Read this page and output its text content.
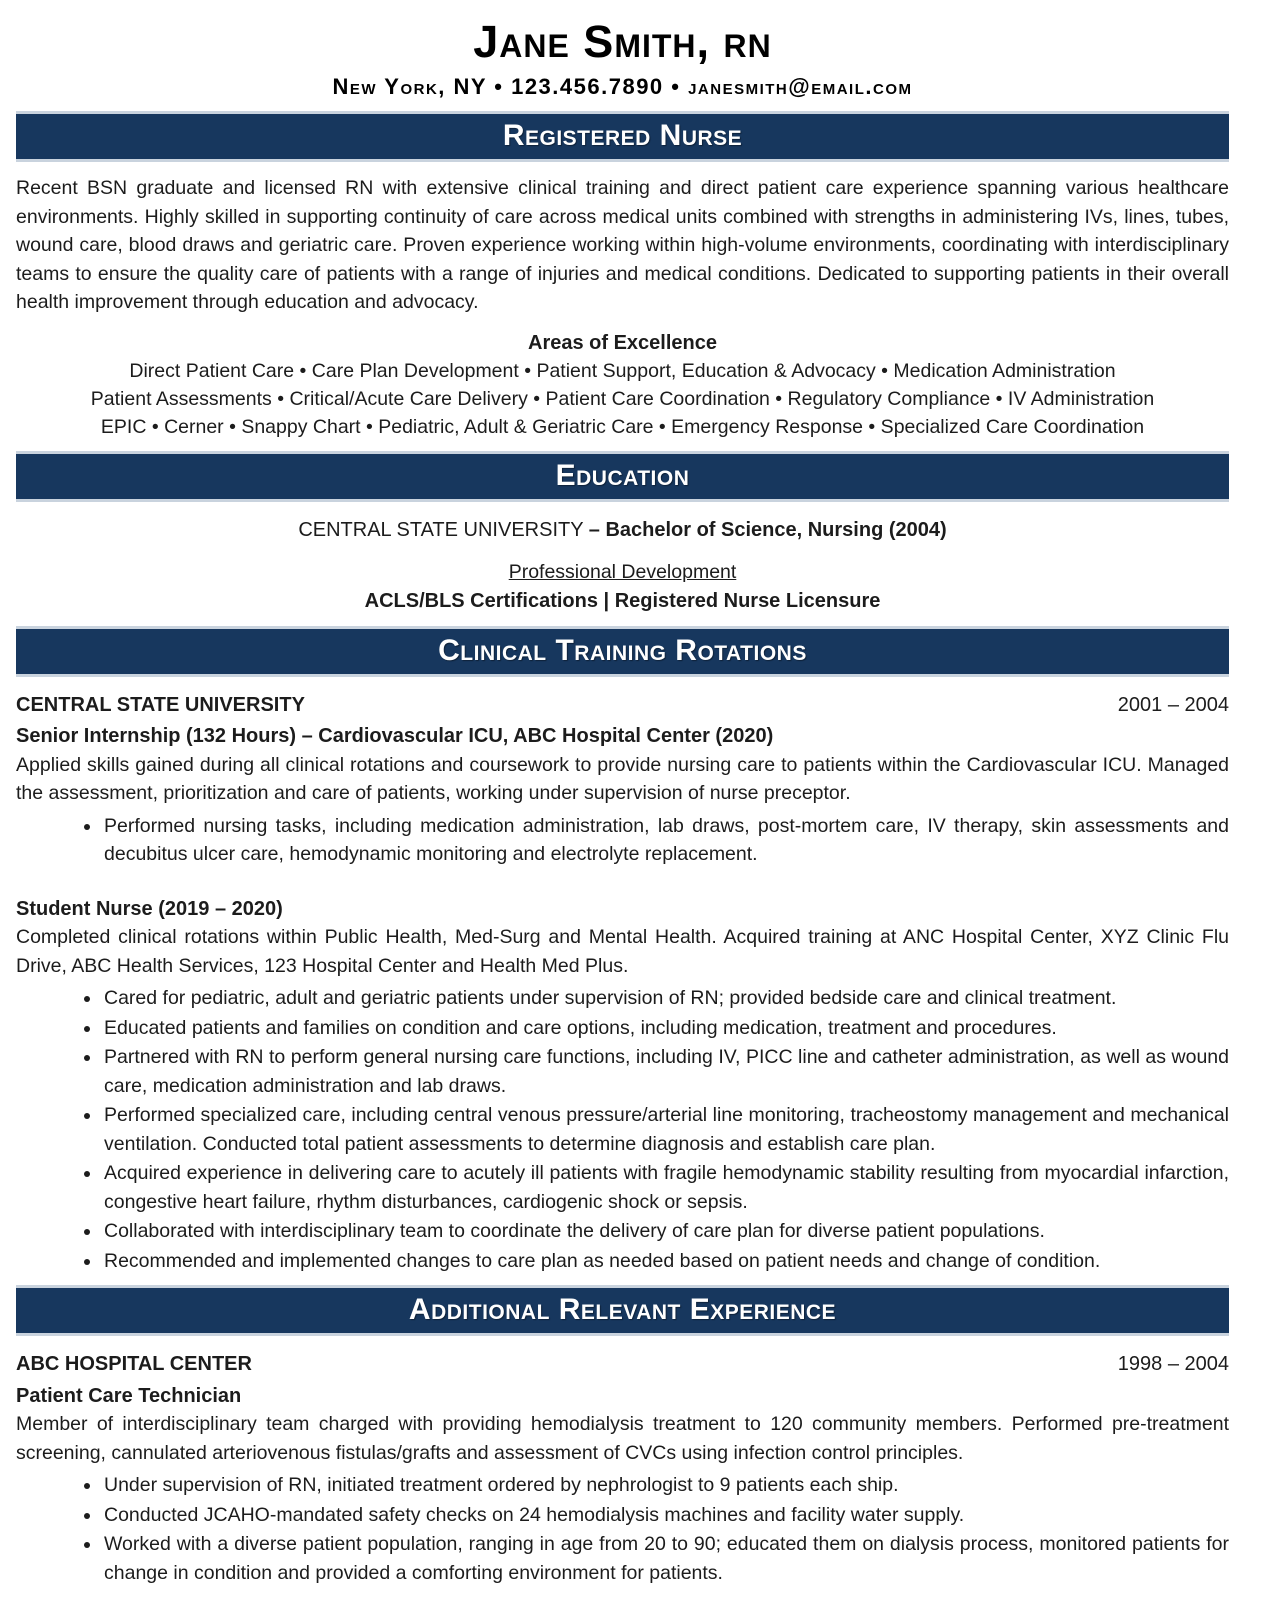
Jane Smith, rn
New York, NY • 123.456.7890 • janesmith@email.com
Registered Nurse

Recent BSN graduate and licensed RN with extensive clinical training and direct patient care experience spanning various healthcare environments. Highly skilled in supporting continuity of care across medical units combined with strengths in administering IVs, lines, tubes, wound care, blood draws and geriatric care. Proven experience working within high-volume environments, coordinating with interdisciplinary teams to ensure the quality care of patients with a range of injuries and medical conditions. Dedicated to supporting patients in their overall health improvement through education and advocacy.

Areas of Excellence
Direct Patient Care • Care Plan Development • Patient Support, Education & Advocacy • Medication Administration
Patient Assessments • Critical/Acute Care Delivery • Patient Care Coordination • Regulatory Compliance • IV Administration
EPIC • Cerner • Snappy Chart • Pediatric, Adult & Geriatric Care • Emergency Response • Specialized Care Coordination
Education
CENTRAL STATE UNIVERSITY – Bachelor of Science, Nursing (2004)
Professional Development
ACLS/BLS Certifications | Registered Nurse Licensure
Clinical Training Rotations
CENTRAL STATE UNIVERSITY	2001 – 2004
Senior Internship (132 Hours) – Cardiovascular ICU, ABC Hospital Center (2020)

Applied skills gained during all clinical rotations and coursework to provide nursing care to patients within the Cardiovascular ICU. Managed the assessment, prioritization and care of patients, working under supervision of nurse preceptor.

• Performed nursing tasks, including medication administration, lab draws, post-mortem care, IV therapy, skin assessments and decubitus ulcer care, hemodynamic monitoring and electrolyte replacement.
Student Nurse (2019 – 2020)

Completed clinical rotations within Public Health, Med-Surg and Mental Health. Acquired training at ANC Hospital Center, XYZ Clinic Flu Drive, ABC Health Services, 123 Hospital Center and Health Med Plus.

• Cared for pediatric, adult and geriatric patients under supervision of RN; provided bedside care and clinical treatment.
• Educated patients and families on condition and care options, including medication, treatment and procedures.
• Partnered with RN to perform general nursing care functions, including IV, PICC line and catheter administration, as well as wound care, medication administration and lab draws.
• Performed specialized care, including central venous pressure/arterial line monitoring, tracheostomy management and mechanical ventilation. Conducted total patient assessments to determine diagnosis and establish care plan.
• Acquired experience in delivering care to acutely ill patients with fragile hemodynamic stability resulting from myocardial infarction, congestive heart failure, rhythm disturbances, cardiogenic shock or sepsis.
• Collaborated with interdisciplinary team to coordinate the delivery of care plan for diverse patient populations.
• Recommended and implemented changes to care plan as needed based on patient needs and change of condition.
Additional Relevant Experience
ABC HOSPITAL CENTER	1998 – 2004
Patient Care Technician

Member of interdisciplinary team charged with providing hemodialysis treatment to 120 community members. Performed pre-treatment screening, cannulated arteriovenous fistulas/grafts and assessment of CVCs using infection control principles.

• Under supervision of RN, initiated treatment ordered by nephrologist to 9 patients each ship.
• Conducted JCAHO-mandated safety checks on 24 hemodialysis machines and facility water supply.
• Worked with a diverse patient population, ranging in age from 20 to 90; educated them on dialysis process, monitored patients for change in condition and provided a comforting environment for patients.
